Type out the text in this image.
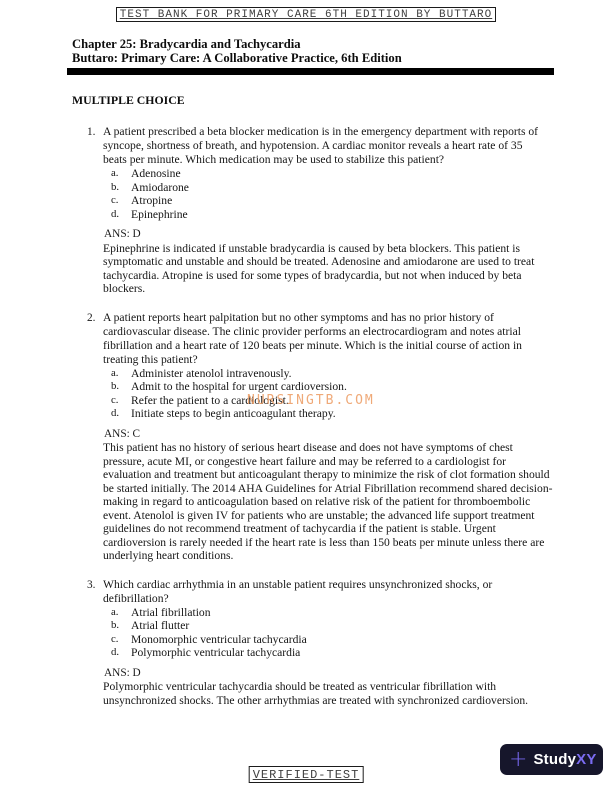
TEST BANK FOR PRIMARY CARE 6TH EDITION BY BUTTARO

Chapter 25: Bradycardia and Tachycardia

Buttaro: Primary Care: A Collaborative Practice, 6th Edition

MULTIPLE CHOICE
1. A patient prescribed a beta blocker medication is in the emergency department with reports of syncope, shortness of breath, and hypotension. A cardiac monitor reveals a heart rate of 35 beats per minute. Which medication may be used to stabilize this patient?

a.	Adenosine
b.	Amiodarone
c.	Atropine
d.	Epinephrine

ANS: D

Epinephrine is indicated if unstable bradycardia is caused by beta blockers. This patient is symptomatic and unstable and should be treated. Adenosine and amiodarone are used to treat tachycardia. Atropine is used for some types of bradycardia, but not when induced by beta blockers.

2. A patient reports heart palpitation but no other symptoms and has no prior history of cardiovascular disease. The clinic provider performs an electrocardiogram and notes atrial fibrillation and a heart rate of 120 beats per minute. Which is the initial course of action in treating this patient?

a.	Administer atenolol intravenously.
b.	Admit to the hospital for urgent cardioversion.
c.	Refer the patient to a cardiologist.
NURSINGTB.COM
d.	Initiate steps to begin anticoagulant therapy.

ANS: C

This patient has no history of serious heart disease and does not have symptoms of chest pressure, acute MI, or congestive heart failure and may be referred to a cardiologist for evaluation and treatment but anticoagulant therapy to minimize the risk of clot formation should be started initially. The 2014 AHA Guidelines for Atrial Fibrillation recommend shared decision-making in regard to anticoagulation based on relative risk of the patient for thromboembolic event. Atenolol is given IV for patients who are unstable; the advanced life support treatment guidelines do not recommend treatment of tachycardia if the patient is stable. Urgent cardioversion is rarely needed if the heart rate is less than 150 beats per minute unless there are underlying heart conditions.

3. Which cardiac arrhythmia in an unstable patient requires unsynchronized shocks, or defibrillation?

a.	Atrial fibrillation
b.	Atrial flutter
c.	Monomorphic ventricular tachycardia
d.	Polymorphic ventricular tachycardia

ANS: D

Polymorphic ventricular tachycardia should be treated as ventricular fibrillation with unsynchronized shocks. The other arrhythmias are treated with synchronized cardioversion.

+ StudyXY
VERIFIED-TEST
